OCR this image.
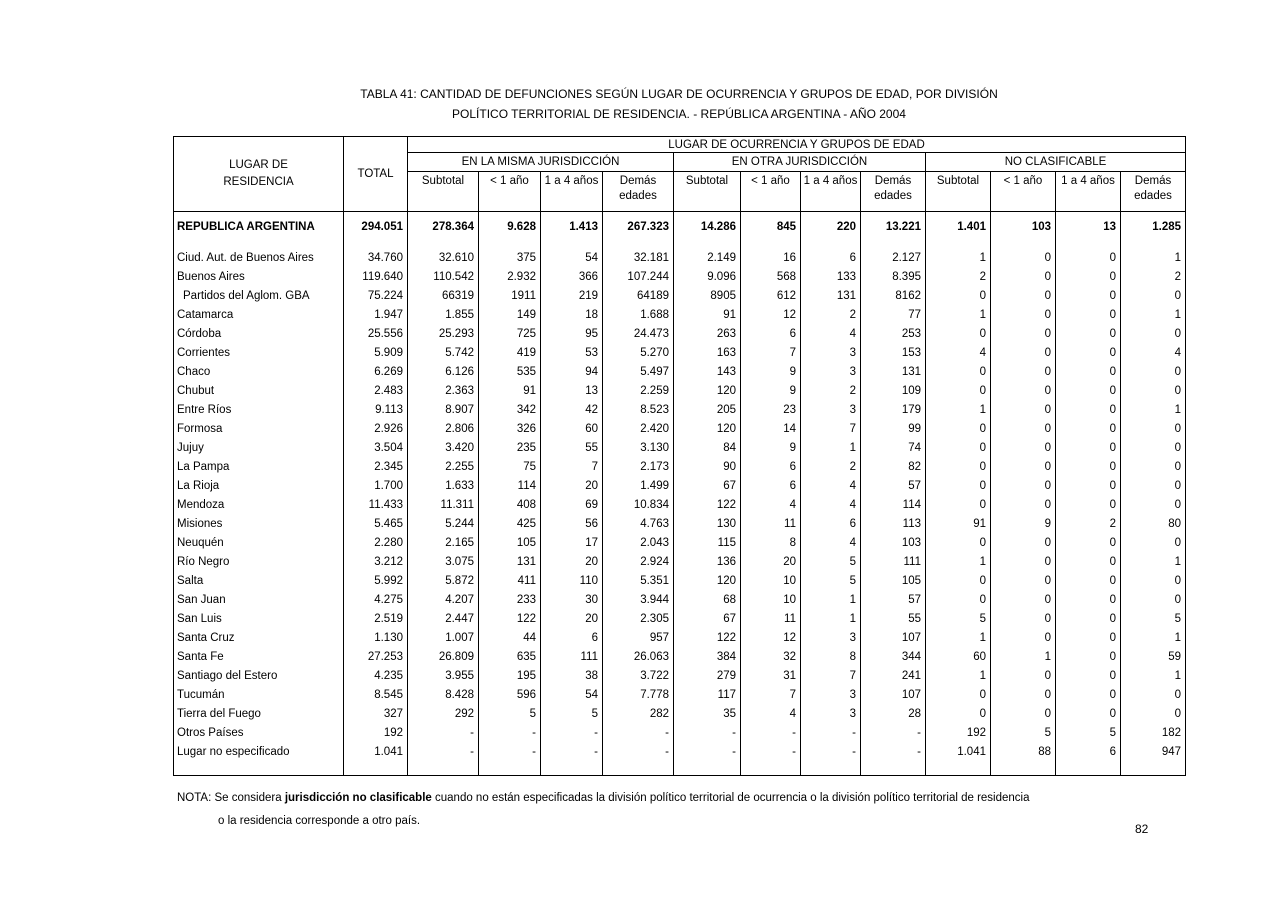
TABLA 41: CANTIDAD DE DEFUNCIONES SEGÚN LUGAR DE OCURRENCIA Y GRUPOS DE EDAD, POR DIVISIÓN
POLÍTICO TERRITORIAL DE RESIDENCIA. - REPÚBLICA ARGENTINA - AÑO 2004
LUGAR DE
RESIDENCIA	TOTAL	LUGAR DE OCURRENCIA Y GRUPOS DE EDAD											
		EN LA MISMA JURISDICCIÓN				EN OTRA JURISDICCIÓN				NO CLASIFICABLE			
		Subtotal	< 1 año	1 a 4 años	Demás edades	Subtotal	< 1 año	1 a 4 años	Demás edades	Subtotal	< 1 año	1 a 4 años	Demás edades
REPUBLICA ARGENTINA	294.051	278.364	9.628	1.413	267.323	14.286	845	220	13.221	1.401	103	13	1.285

Ciud. Aut. de Buenos Aires	34.760	32.610	375	54	32.181	2.149	16	6	2.127	1	0	0	1
Buenos Aires	119.640	110.542	2.932	366	107.244	9.096	568	133	8.395	2	0	0	2
Partidos del Aglom. GBA	75.224	66319	1911	219	64189	8905	612	131	8162	0	0	0	0
Catamarca	1.947	1.855	149	18	1.688	91	12	2	77	1	0	0	1
Córdoba	25.556	25.293	725	95	24.473	263	6	4	253	0	0	0	0
Corrientes	5.909	5.742	419	53	5.270	163	7	3	153	4	0	0	4
Chaco	6.269	6.126	535	94	5.497	143	9	3	131	0	0	0	0
Chubut	2.483	2.363	91	13	2.259	120	9	2	109	0	0	0	0
Entre Ríos	9.113	8.907	342	42	8.523	205	23	3	179	1	0	0	1
Formosa	2.926	2.806	326	60	2.420	120	14	7	99	0	0	0	0
Jujuy	3.504	3.420	235	55	3.130	84	9	1	74	0	0	0	0
La Pampa	2.345	2.255	75	7	2.173	90	6	2	82	0	0	0	0
La Rioja	1.700	1.633	114	20	1.499	67	6	4	57	0	0	0	0
Mendoza	11.433	11.311	408	69	10.834	122	4	4	114	0	0	0	0
Misiones	5.465	5.244	425	56	4.763	130	11	6	113	91	9	2	80
Neuquén	2.280	2.165	105	17	2.043	115	8	4	103	0	0	0	0
Río Negro	3.212	3.075	131	20	2.924	136	20	5	111	1	0	0	1
Salta	5.992	5.872	411	110	5.351	120	10	5	105	0	0	0	0
San Juan	4.275	4.207	233	30	3.944	68	10	1	57	0	0	0	0
San Luis	2.519	2.447	122	20	2.305	67	11	1	55	5	0	0	5
Santa Cruz	1.130	1.007	44	6	957	122	12	3	107	1	0	0	1
Santa Fe	27.253	26.809	635	111	26.063	384	32	8	344	60	1	0	59
Santiago del Estero	4.235	3.955	195	38	3.722	279	31	7	241	1	0	0	1
Tucumán	8.545	8.428	596	54	7.778	117	7	3	107	0	0	0	0
Tierra del Fuego	327	292	5	5	282	35	4	3	28	0	0	0	0
Otros Países	192	-	-	-	-	-	-	-	-	192	5	5	182
Lugar no especificado	1.041	-	-	-	-	-	-	-	-	1.041	88	6	947

NOTA: Se considera jurisdicción no clasificable cuando no están especificadas la división político territorial de ocurrencia o la división político territorial de residencia
o la residencia corresponde a otro país.
82
